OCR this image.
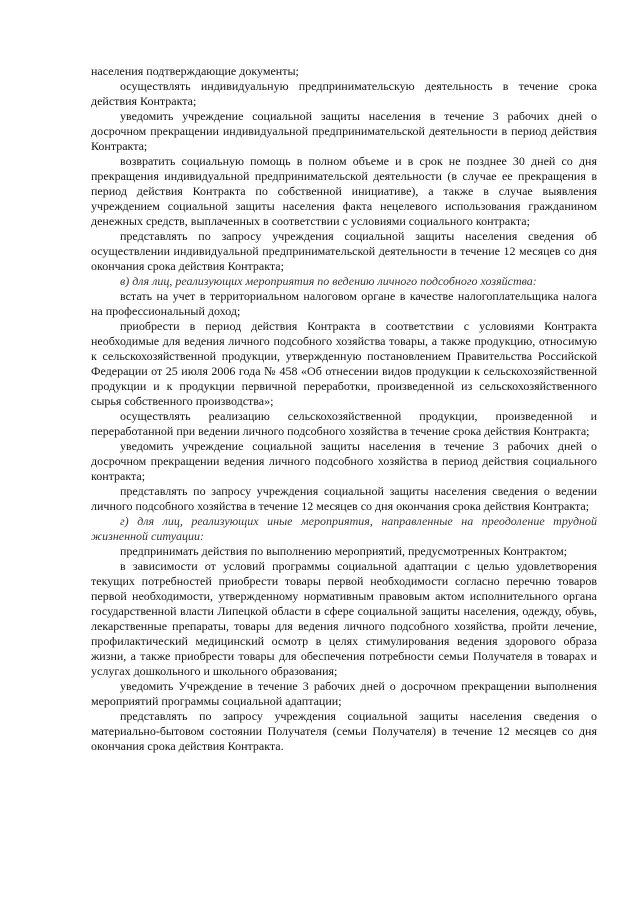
населения подтверждающие документы;

осуществлять индивидуальную предпринимательскую деятельность в течение срока действия Контракта;

уведомить учреждение социальной защиты населения в течение 3 рабочих дней о досрочном прекращении индивидуальной предпринимательской деятельности в период действия Контракта;

возвратить социальную помощь в полном объеме и в срок не позднее 30 дней со дня прекращения индивидуальной предпринимательской деятельности (в случае ее прекращения в период действия Контракта по собственной инициативе), а также в случае выявления учреждением социальной защиты населения факта нецелевого использования гражданином денежных средств, выплаченных в соответствии с условиями социального контракта;

представлять по запросу учреждения социальной защиты населения сведения об осуществлении индивидуальной предпринимательской деятельности в течение 12 месяцев со дня окончания срока действия Контракта;

в) для лиц, реализующих мероприятия по ведению личного подсобного хозяйства:

встать на учет в территориальном налоговом органе в качестве налогоплательщика налога на профессиональный доход;

приобрести в период действия Контракта в соответствии с условиями Контракта необходимые для ведения личного подсобного хозяйства товары, а также продукцию, относимую к сельскохозяйственной продукции, утвержденную постановлением Правительства Российской Федерации от 25 июля 2006 года № 458 «Об отнесении видов продукции к сельскохозяйственной продукции и к продукции первичной переработки, произведенной из сельскохозяйственного сырья собственного производства»;

осуществлять реализацию сельскохозяйственной продукции, произведенной и переработанной при ведении личного подсобного хозяйства в течение срока действия Контракта;

уведомить учреждение социальной защиты населения в течение 3 рабочих дней о досрочном прекращении ведения личного подсобного хозяйства в период действия социального контракта;

представлять по запросу учреждения социальной защиты населения сведения о ведении личного подсобного хозяйства в течение 12 месяцев со дня окончания срока действия Контракта;

г) для лиц, реализующих иные мероприятия, направленные на преодоление трудной жизненной ситуации:

предпринимать действия по выполнению мероприятий, предусмотренных Контрактом;

в зависимости от условий программы социальной адаптации с целью удовлетворения текущих потребностей приобрести товары первой необходимости согласно перечню товаров первой необходимости, утвержденному нормативным правовым актом исполнительного органа государственной власти Липецкой области в сфере социальной защиты населения, одежду, обувь, лекарственные препараты, товары для ведения личного подсобного хозяйства, пройти лечение, профилактический медицинский осмотр в целях стимулирования ведения здорового образа жизни, а также приобрести товары для обеспечения потребности семьи Получателя в товарах и услугах дошкольного и школьного образования;

уведомить Учреждение в течение 3 рабочих дней о досрочном прекращении выполнения мероприятий программы социальной адаптации;

представлять по запросу учреждения социальной защиты населения сведения о материально-бытовом состоянии Получателя (семьи Получателя) в течение 12 месяцев со дня окончания срока действия Контракта.
